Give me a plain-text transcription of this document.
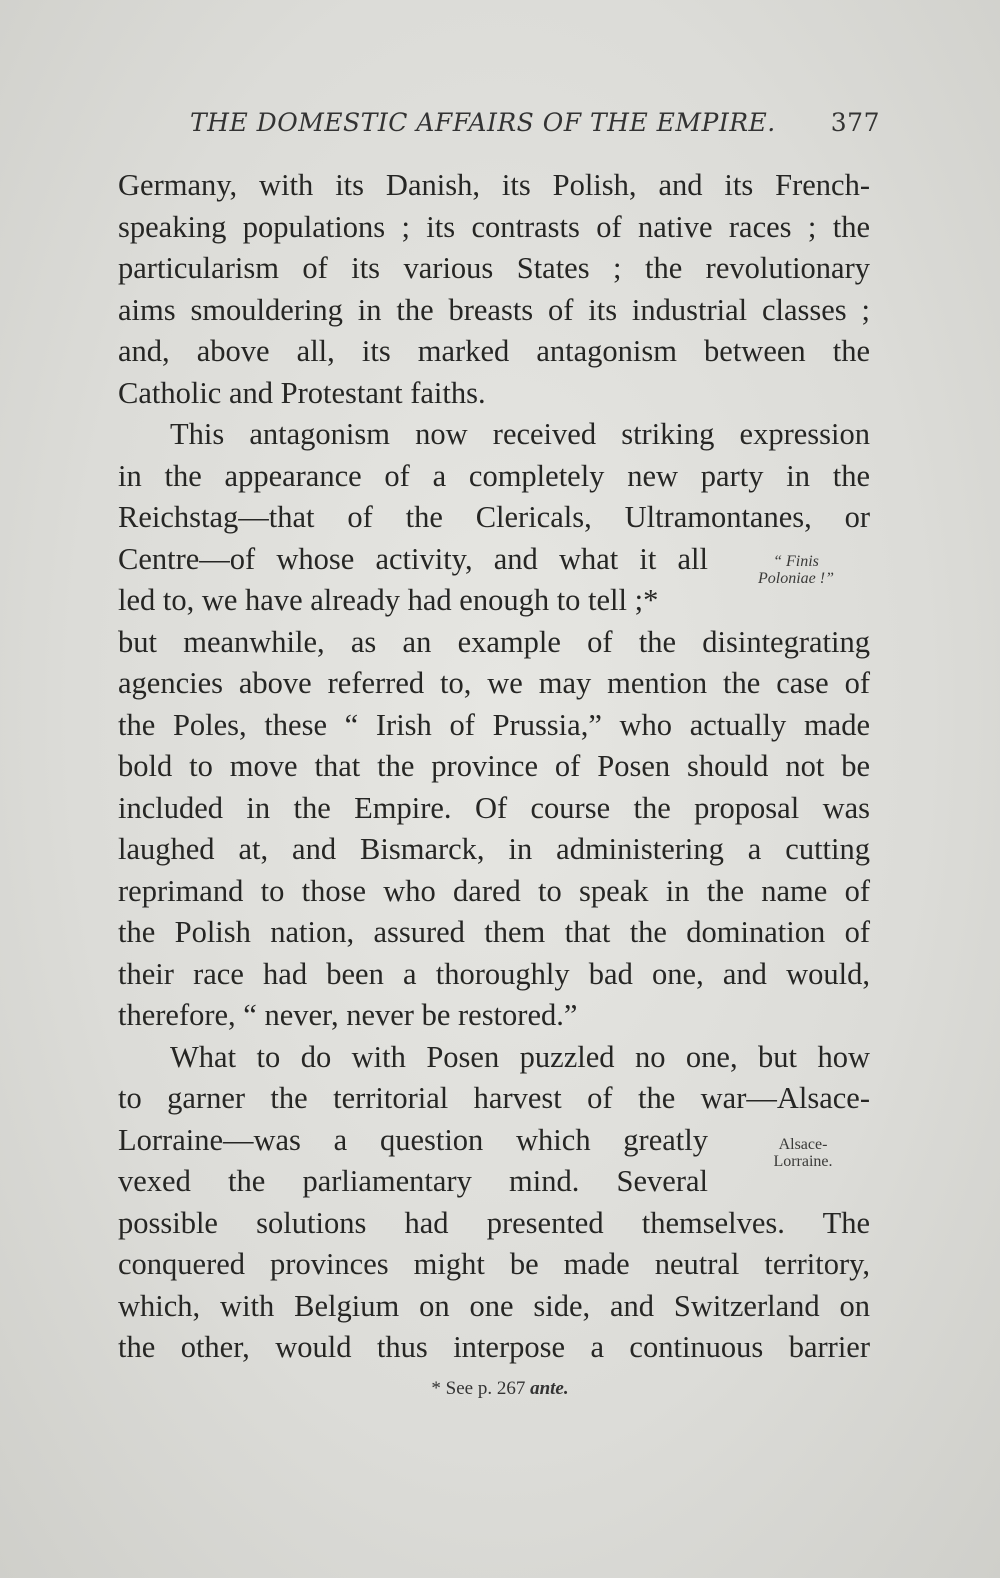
THE DOMESTIC AFFAIRS OF THE EMPIRE. 377
Germany, with its Danish, its Polish, and its French-
speaking populations ; its contrasts of native races ; the
particularism of its various States ; the revolutionary
aims smouldering in the breasts of its industrial classes ;
and, above all, its marked antagonism between the
Catholic and Protestant faiths.
This antagonism now received striking expression
in the appearance of a completely new party in the
Reichstag—that of the Clericals, Ultramontanes, or
Centre—of whose activity, and what it all
led to, we have already had enough to tell ;*
but meanwhile, as an example of the disintegrating
agencies above referred to, we may mention the case of
the Poles, these “ Irish of Prussia,” who actually made
bold to move that the province of Posen should not be
included in the Empire. Of course the proposal was
laughed at, and Bismarck, in administering a cutting
reprimand to those who dared to speak in the name of
the Polish nation, assured them that the domination of
their race had been a thoroughly bad one, and would,
therefore, “ never, never be restored.”
What to do with Posen puzzled no one, but how
to garner the territorial harvest of the war—Alsace-
Lorraine—was a question which greatly
vexed the parliamentary mind. Several
possible solutions had presented themselves. The
conquered provinces might be made neutral territory,
which, with Belgium on one side, and Switzerland on
the other, would thus interpose a continuous barrier
“ Finis
Poloniae !”
Alsace-
Lorraine.
* See p. 267 ante.
